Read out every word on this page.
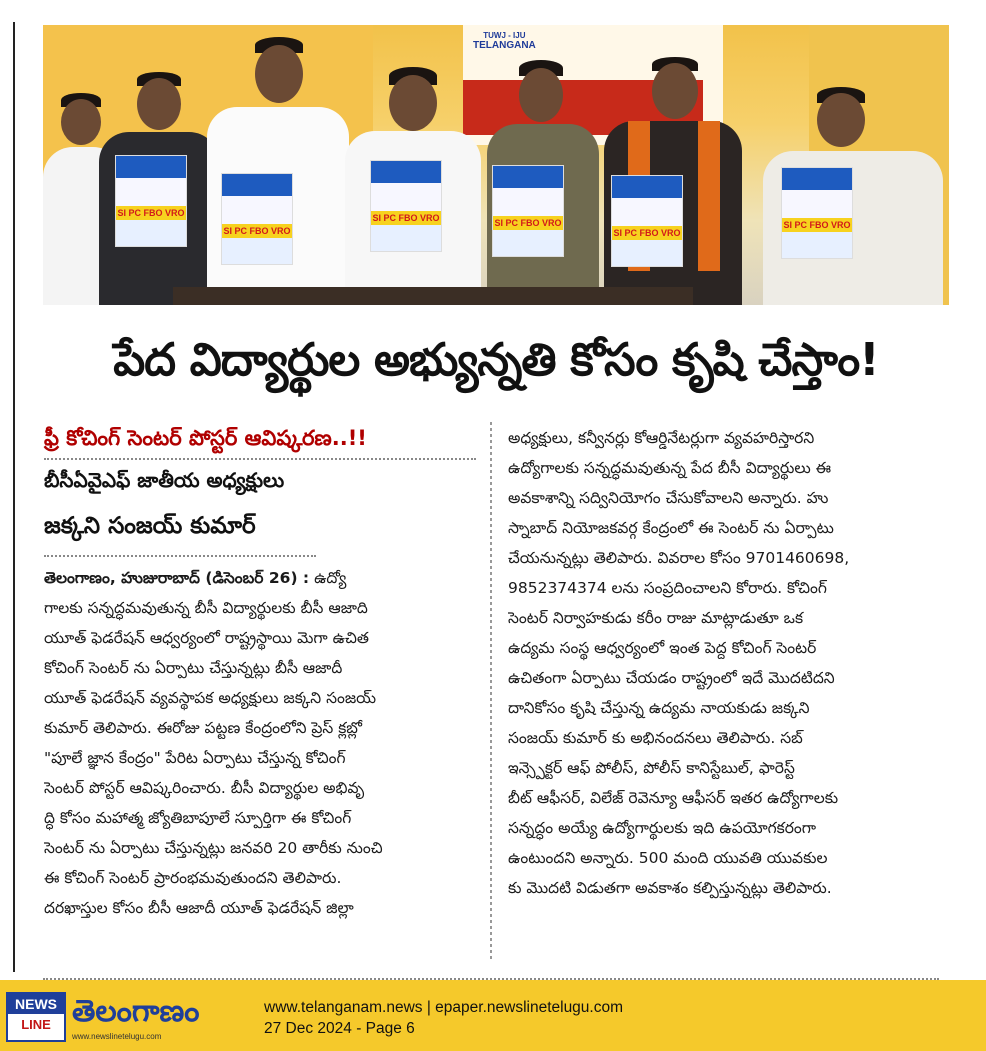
TUWJ - IJU
TELANGANA
SI PC FBO VRO
SI PC FBO VRO
SI PC FBO VRO	SI PC FBO VRO
SI PC FBO VRO
SI PC FBO VRO
పేద విద్యార్థుల అభ్యున్నతి కోసం కృషి చేస్తాం!
ఫ్రీ కోచింగ్ సెంటర్ పోస్టర్ ఆవిష్కరణ..!!
బీసీఏవైఎఫ్ జాతీయ అధ్యక్షులు
జక్కని సంజయ్ కుమార్
తెలంగాణం, హుజురాబాద్ (డిసెంబర్ 26) : ఉద్యో
గాలకు సన్నద్ధమవుతున్న బీసీ విద్యార్థులకు బీసీ ఆజాది
యూత్ ఫెడరేషన్ ఆధ్వర్యంలో రాష్ట్రస్థాయి మెగా ఉచిత
కోచింగ్ సెంటర్ ను ఏర్పాటు చేస్తున్నట్లు బీసీ ఆజాదీ
యూత్ ఫెడరేషన్ వ్యవస్థాపక అధ్యక్షులు జక్కని సంజయ్
కుమార్ తెలిపారు. ఈరోజు పట్టణ కేంద్రంలోని ప్రెస్ క్లబ్లో
"పూలే జ్ఞాన కేంద్రం" పేరిట ఏర్పాటు చేస్తున్న కోచింగ్
సెంటర్ పోస్టర్ ఆవిష్కరించారు. బీసీ విద్యార్థుల అభివృ
ద్ధి కోసం మహాత్మ జ్యోతిబాపూలే స్పూర్తిగా ఈ కోచింగ్
సెంటర్ ను ఏర్పాటు చేస్తున్నట్లు జనవరి 20 తారీకు నుంచి
ఈ కోచింగ్ సెంటర్ ప్రారంభమవుతుందని తెలిపారు.
దరఖాస్తుల కోసం బీసీ ఆజాదీ యూత్ ఫెడరేషన్ జిల్లా
అధ్యక్షులు, కన్వీనర్లు కోఆర్డినేటర్లుగా వ్యవహరిస్తారని
ఉద్యోగాలకు సన్నద్ధమవుతున్న పేద బీసీ విద్యార్థులు ఈ
అవకాశాన్ని సద్వినియోగం చేసుకోవాలని అన్నారు. హు
స్నాబాద్ నియోజకవర్గ కేంద్రంలో ఈ సెంటర్ ను ఏర్పాటు
చేయనున్నట్లు తెలిపారు. వివరాల కోసం 9701460698,
9852374374 లను సంప్రదించాలని కోరారు. కోచింగ్
సెంటర్ నిర్వాహకుడు కరీం రాజు మాట్లాడుతూ ఒక
ఉద్యమ సంస్థ ఆధ్వర్యంలో ఇంత పెద్ద కోచింగ్ సెంటర్
ఉచితంగా ఏర్పాటు చేయడం రాష్ట్రంలో ఇదే మొదటిదని
దానికోసం కృషి చేస్తున్న ఉద్యమ నాయకుడు జక్కని
సంజయ్ కుమార్ కు అభినందనలు తెలిపారు. సబ్
ఇన్స్పెక్టర్ ఆఫ్ పోలీస్, పోలీస్ కానిస్టేబుల్, ఫారెస్ట్
బీట్ ఆఫీసర్, విలేజ్ రెవెన్యూ ఆఫీసర్ ఇతర ఉద్యోగాలకు
సన్నద్ధం అయ్యే ఉద్యోగార్థులకు ఇది ఉపయోగకరంగా
ఉంటుందని అన్నారు. 500 మంది యువతి యువకుల
కు మొదటి విడుతగా అవకాశం కల్పిస్తున్నట్లు తెలిపారు.
NEWS
LINE తెలంగాణం
www.newslinetelugu.com
www.telanganam.news | epaper.newslinetelugu.com
27 Dec 2024 - Page 6
